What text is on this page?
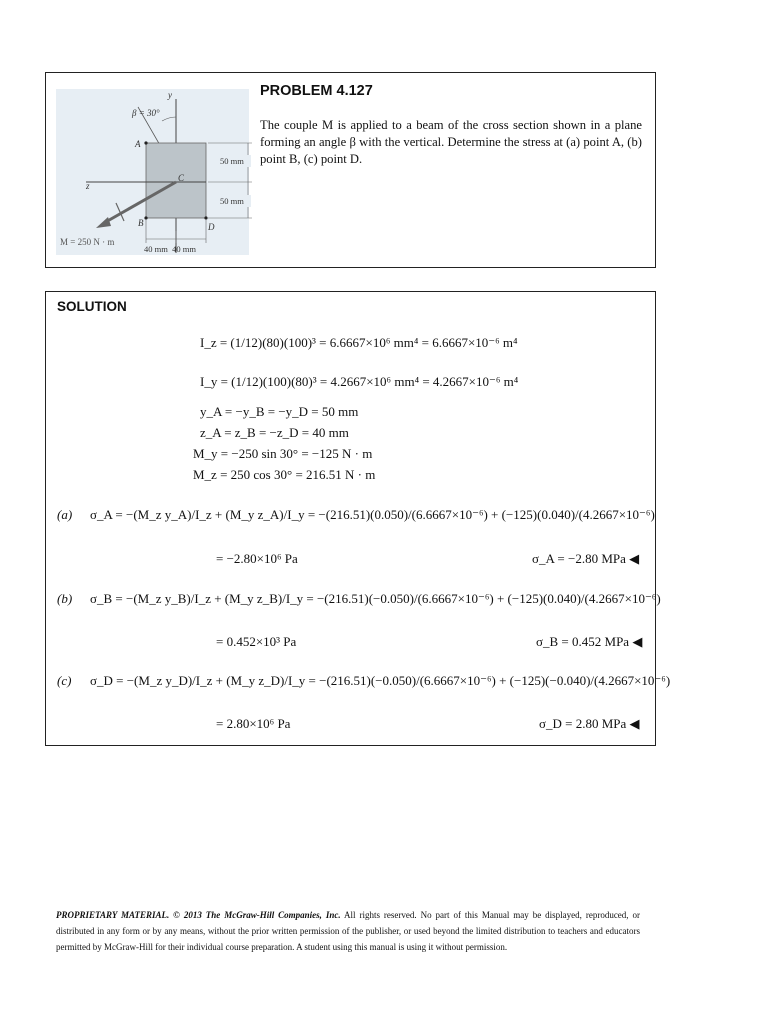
y
β = 30°
z
A
C
B	D
M = 250 N · m
50 mm
50 mm
40 mm  40 mm
PROBLEM 4.127
The couple M is applied to a beam of the cross section shown in a plane forming an angle β with the vertical. Determine the stress at (a) point A, (b) point B, (c) point D.
SOLUTION
I_z = (1/12)(80)(100)³ = 6.6667×10⁶ mm⁴ = 6.6667×10⁻⁶ m⁴
I_y = (1/12)(100)(80)³ = 4.2667×10⁶ mm⁴ = 4.2667×10⁻⁶ m⁴
y_A = −y_B = −y_D = 50 mm
z_A = z_B = −z_D = 40 mm
M_y = −250 sin 30° = −125 N · m
M_z = 250 cos 30° = 216.51 N · m
(a) σ_A = −(M_z y_A)/I_z + (M_y z_A)/I_y = −(216.51)(0.050)/(6.6667×10⁻⁶) + (−125)(0.040)/(4.2667×10⁻⁶)
= −2.80×10⁶ Pa	σ_A = −2.80 MPa ◀
(b) σ_B = −(M_z y_B)/I_z + (M_y z_B)/I_y = −(216.51)(−0.050)/(6.6667×10⁻⁶) + (−125)(0.040)/(4.2667×10⁻⁶)
= 0.452×10³ Pa	σ_B = 0.452 MPa ◀
(c) σ_D = −(M_z y_D)/I_z + (M_y z_D)/I_y = −(216.51)(−0.050)/(6.6667×10⁻⁶) + (−125)(−0.040)/(4.2667×10⁻⁶)
= 2.80×10⁶ Pa	σ_D = 2.80 MPa ◀
PROPRIETARY MATERIAL. © 2013 The McGraw-Hill Companies, Inc. All rights reserved. No part of this Manual may be displayed, reproduced, or distributed in any form or by any means, without the prior written permission of the publisher, or used beyond the limited distribution to teachers and educators permitted by McGraw-Hill for their individual course preparation. A student using this manual is using it without permission.
